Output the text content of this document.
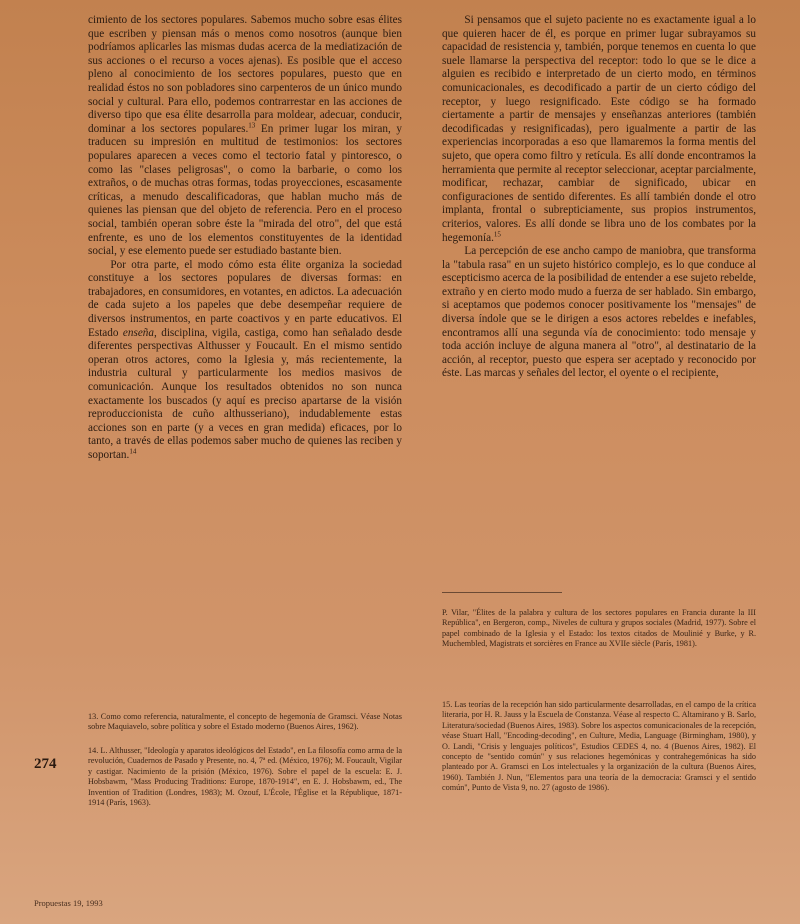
cimiento de los sectores populares. Sabemos mucho sobre esas élites que escriben y piensan más o menos como nosotros (aunque bien podríamos aplicarles las mismas dudas acerca de la mediatización de sus acciones o el recurso a voces ajenas). Es posible que el acceso pleno al conocimiento de los sectores populares, puesto que en realidad éstos no son pobladores sino carpenteros de un único mundo social y cultural. Para ello, podemos contrarrestar en las acciones de diverso tipo que esa élite desarrolla para moldear, adecuar, conducir, dominar a los sectores populares.$^{13}$ En primer lugar los miran, y traducen su impresión en multitud de testimonios: los sectores populares aparecen a veces como el tectorio fatal y pintoresco, o como las "clases peligrosas", o como la barbarie, o como los extraños, o de muchas otras formas, todas proyecciones, escasamente críticas, a menudo descalificadoras, que hablan mucho más de quienes las piensan que del objeto de referencia. Pero en el proceso social, también operan sobre éste la "mirada del otro", del que está enfrente, es uno de los elementos constituyentes de la identidad social, y ese elemento puede ser estudiado bastante bien.

Por otra parte, el modo cómo esta élite organiza la sociedad constituye a los sectores populares de diversas formas: en trabajadores, en consumidores, en votantes, en adictos. La adecuación de cada sujeto a los papeles que debe desempeñar requiere de diversos instrumentos, en parte coactivos y en parte educativos. El Estado enseña, disciplina, vigila, castiga, como han señalado desde diferentes perspectivas Althusser y Foucault. En el mismo sentido operan otros actores, como la Iglesia y, más recientemente, la industria cultural y particularmente los medios masivos de comunicación. Aunque los resultados obtenidos no son nunca exactamente los buscados (y aquí es preciso apartarse de la visión reproduccionista de cuño althusseriano), indudablemente estas acciones son en parte (y a veces en gran medida) eficaces, por lo tanto, a través de ellas podemos saber mucho de quienes las reciben y soportan.$^{14}$

Si pensamos que el sujeto paciente no es exactamente igual a lo que quieren hacer de él, es porque en primer lugar subrayamos su capacidad de resistencia y, también, porque tenemos en cuenta lo que suele llamarse la perspectiva del receptor: todo lo que se le dice a alguien es recibido e interpretado de un cierto modo, en términos comunicacionales, es decodificado a partir de un cierto código del receptor, y luego resignificado. Este código se ha formado ciertamente a partir de mensajes y enseñanzas anteriores (también decodificadas y resignificadas), pero igualmente a partir de las experiencias incorporadas a eso que llamaremos la forma mentis del sujeto, que opera como filtro y retícula. Es allí donde encontramos la herramienta que permite al receptor seleccionar, aceptar parcialmente, modificar, rechazar, cambiar de significado, ubicar en configuraciones de sentido diferentes. Es allí también donde el otro implanta, frontal o subrepticiamente, sus propios instrumentos, criterios, valores. Es allí donde se libra uno de los combates por la hegemonía.$^{15}$

La percepción de ese ancho campo de maniobra, que transforma la "tabula rasa" en un sujeto histórico complejo, es lo que conduce al escepticismo acerca de la posibilidad de entender a ese sujeto rebelde, extraño y en cierto modo mudo a fuerza de ser hablado. Sin embargo, si aceptamos que podemos conocer positivamente los "mensajes" de diversa índole que se le dirigen a esos actores rebeldes e inefables, encontramos allí una segunda vía de conocimiento: todo mensaje y toda acción incluye de alguna manera al "otro", al destinatario de la acción, al receptor, puesto que espera ser aceptado y reconocido por éste. Las marcas y señales del lector, el oyente o el recipiente,

13. Como como referencia, naturalmente, el concepto de hegemonía de Gramsci. Véase Notas sobre Maquiavelo, sobre política y sobre el Estado moderno (Buenos Aires, 1962).
14. L. Althusser, "Ideología y aparatos ideológicos del Estado", en La filosofía como arma de la revolución, Cuadernos de Pasado y Presente, no. 4, 7ª ed. (México, 1976); M. Foucault, Vigilar y castigar. Nacimiento de la prisión (México, 1976). Sobre el papel de la escuela: E. J. Hobsbawm, "Mass Producing Traditions: Europe, 1870-1914", en E. J. Hobsbawm, ed., The Invention of Tradition (Londres, 1983); M. Ozouf, L'École, l'Église et la République, 1871-1914 (París, 1963).
P. Vilar, "Élites de la palabra y cultura de los sectores populares en Francia durante la III República", en Bergeron, comp., Niveles de cultura y grupos sociales (Madrid, 1977). Sobre el papel combinado de la Iglesia y el Estado: los textos citados de Moulinié y Burke, y R. Muchembled, Magistrats et sorcières en France au XVIIe siècle (París, 1981).
15. Las teorías de la recepción han sido particularmente desarrolladas, en el campo de la crítica literaria, por H. R. Jauss y la Escuela de Constanza. Véase al respecto C. Altamirano y B. Sarlo, Literatura/sociedad (Buenos Aires, 1983). Sobre los aspectos comunicacionales de la recepción, véase Stuart Hall, "Encoding-decoding", en Culture, Media, Language (Birmingham, 1980), y O. Landi, "Crisis y lenguajes políticos", Estudios CEDES 4, no. 4 (Buenos Aires, 1982). El concepto de "sentido común" y sus relaciones hegemónicas y contrahegemónicas ha sido planteado por A. Gramsci en Los intelectuales y la organización de la cultura (Buenos Aires, 1960). También J. Nun, "Elementos para una teoría de la democracia: Gramsci y el sentido común", Punto de Vista 9, no. 27 (agosto de 1986).
274
Propuestas 19, 1993
